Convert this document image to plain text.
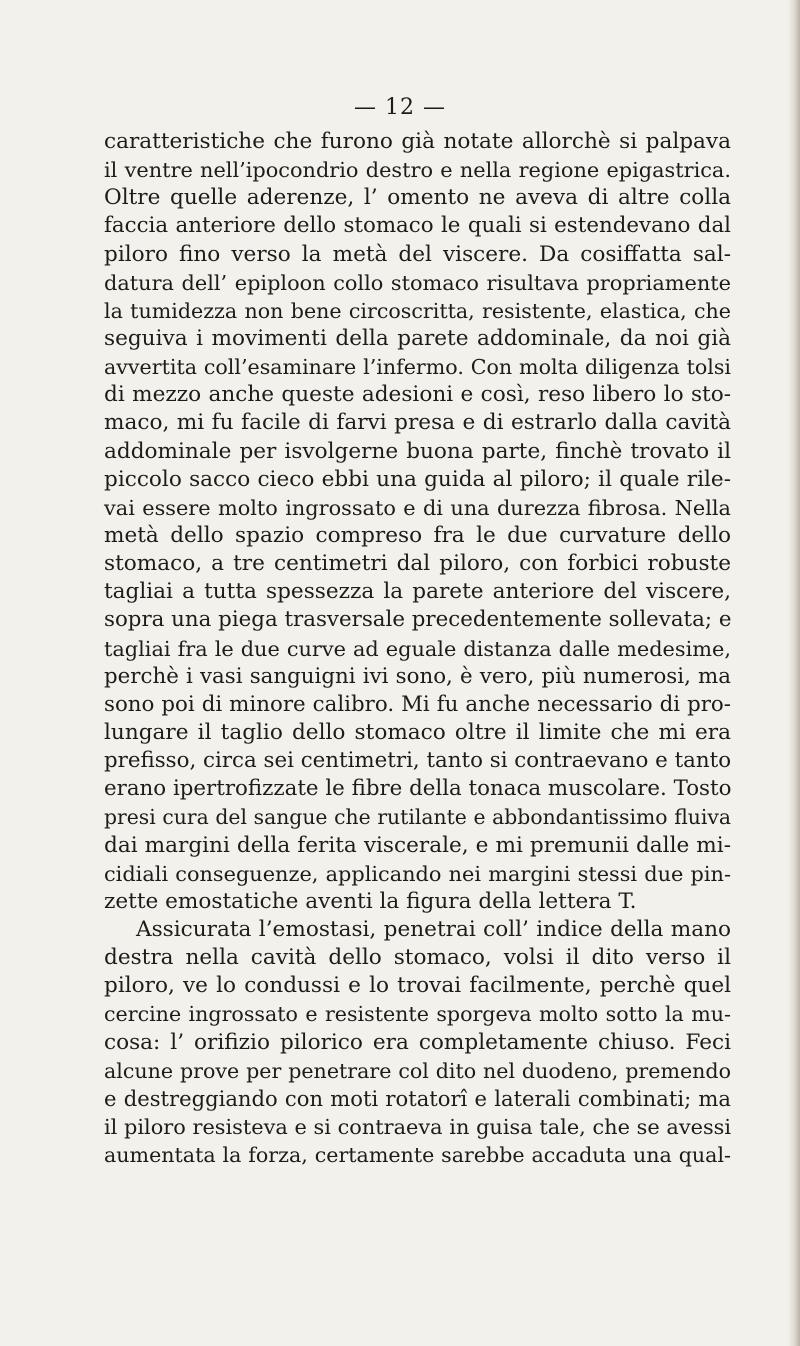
— 12 —
caratteristiche che furono già notate allorchè si palpava
il ventre nell’ipocondrio destro e nella regione epigastrica.
Oltre quelle aderenze, l’ omento ne aveva di altre colla
faccia anteriore dello stomaco le quali si estendevano dal
piloro fino verso la metà del viscere. Da cosiffatta sal-
datura dell’ epiploon collo stomaco risultava propriamente
la tumidezza non bene circoscritta, resistente, elastica, che
seguiva i movimenti della parete addominale, da noi già
avvertita coll’esaminare l’infermo. Con molta diligenza tolsi
di mezzo anche queste adesioni e così, reso libero lo sto-
maco, mi fu facile di farvi presa e di estrarlo dalla cavità
addominale per isvolgerne buona parte, finchè trovato il
piccolo sacco cieco ebbi una guida al piloro; il quale rile-
vai essere molto ingrossato e di una durezza fibrosa. Nella
metà dello spazio compreso fra le due curvature dello
stomaco, a tre centimetri dal piloro, con forbici robuste
tagliai a tutta spessezza la parete anteriore del viscere,
sopra una piega trasversale precedentemente sollevata; e
tagliai fra le due curve ad eguale distanza dalle medesime,
perchè i vasi sanguigni ivi sono, è vero, più numerosi, ma
sono poi di minore calibro. Mi fu anche necessario di pro-
lungare il taglio dello stomaco oltre il limite che mi era
prefisso, circa sei centimetri, tanto si contraevano e tanto
erano ipertrofizzate le fibre della tonaca muscolare. Tosto
presi cura del sangue che rutilante e abbondantissimo fluiva
dai margini della ferita viscerale, e mi premunii dalle mi-
cidiali conseguenze, applicando nei margini stessi due pin-
zette emostatiche aventi la figura della lettera T.
Assicurata l’emostasi, penetrai coll’ indice della mano
destra nella cavità dello stomaco, volsi il dito verso il
piloro, ve lo condussi e lo trovai facilmente, perchè quel
cercine ingrossato e resistente sporgeva molto sotto la mu-
cosa: l’ orifizio pilorico era completamente chiuso. Feci
alcune prove per penetrare col dito nel duodeno, premendo
e destreggiando con moti rotatorî e laterali combinati; ma
il piloro resisteva e si contraeva in guisa tale, che se avessi
aumentata la forza, certamente sarebbe accaduta una qual-
